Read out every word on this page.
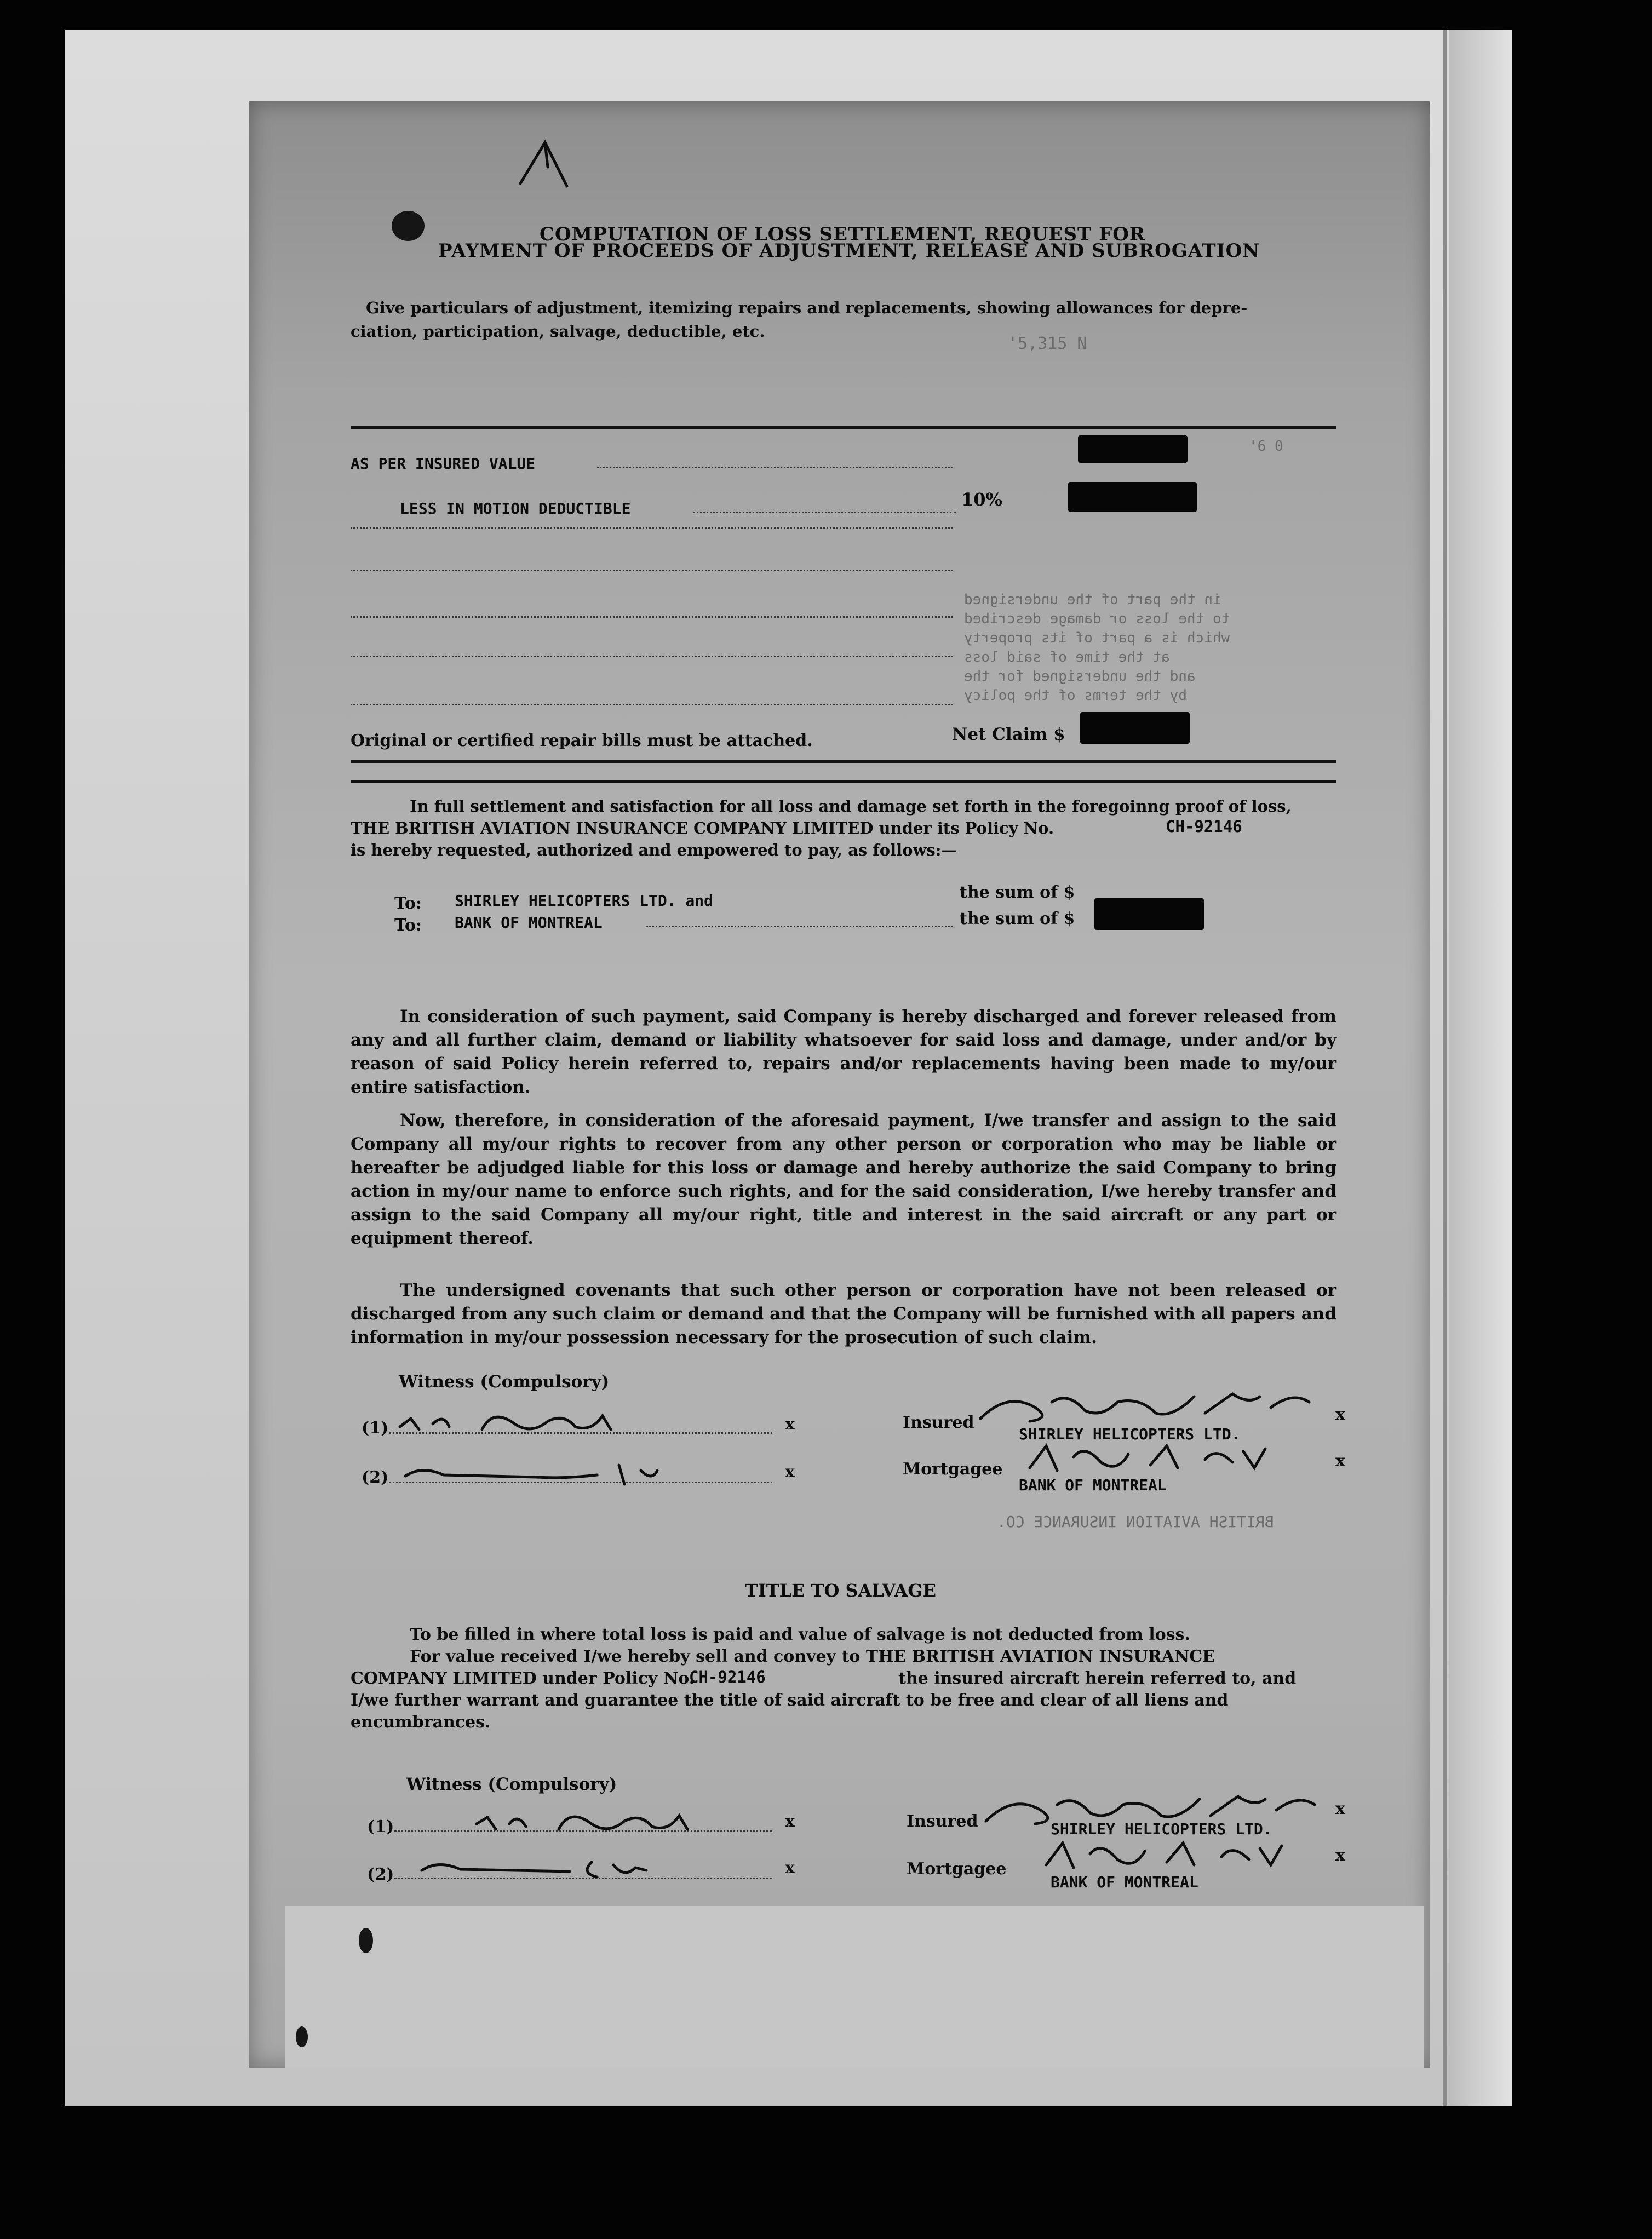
COMPUTATION OF LOSS SETTLEMENT, REQUEST FOR
PAYMENT OF PROCEEDS OF ADJUSTMENT, RELEASE AND SUBROGATION
Give particulars of adjustment, itemizing repairs and replacements, showing allowances for depre-
ciation, participation, salvage, deductible, etc.
'5,315 N
AS PER INSURED VALUE
'6 0
LESS IN MOTION DEDUCTIBLE	10%
in the part of the undersigned
to the loss or damage described
which is a part of its property
at the time of said loss
and the undersigned for the
by the terms of the policy
Original or certified repair bills must be attached.	Net Claim $
In full settlement and satisfaction for all loss and damage set forth in the foregoinng proof of loss,
THE BRITISH AVIATION INSURANCE COMPANY LIMITED under its Policy No.	CH-92146
is hereby requested, authorized and empowered to pay, as follows:—
To: SHIRLEY HELICOPTERS LTD. and	the sum of $
To: BANK OF MONTREAL	the sum of $
In consideration of such payment, said Company is hereby discharged and forever released from any and all further claim, demand or liability whatsoever for said loss and damage, under and/or by reason of said Policy herein referred to, repairs and/or replacements having been made to my/our entire satisfaction.
Now, therefore, in consideration of the aforesaid payment, I/we transfer and assign to the said Company all my/our rights to recover from any other person or corporation who may be liable or hereafter be adjudged liable for this loss or damage and hereby authorize the said Company to bring action in my/our name to enforce such rights, and for the said consideration, I/we hereby transfer and assign to the said Company all my/our right, title and interest in the said aircraft or any part or equipment thereof.
The undersigned covenants that such other person or corporation have not been released or discharged from any such claim or demand and that the Company will be furnished with all papers and information in my/our possession necessary for the prosecution of such claim.
Witness (Compulsory)
(1)	x
(2)	x
Insured
SHIRLEY HELICOPTERS LTD.
x
Mortgagee
BANK OF MONTREAL
x
BRITISH AVIATION INSURANCE CO.
TITLE TO SALVAGE
To be filled in where total loss is paid and value of salvage is not deducted from loss.
For value received I/we hereby sell and convey to THE BRITISH AVIATION INSURANCE
COMPANY LIMITED under Policy No.
CH-92146	the insured aircraft herein referred to, and
I/we further warrant and guarantee the title of said aircraft to be free and clear of all liens and
encumbrances.
Witness (Compulsory)
(1)	x
(2)	x
Insured	SHIRLEY HELICOPTERS LTD.
x
Mortgagee
BANK OF MONTREAL
x
